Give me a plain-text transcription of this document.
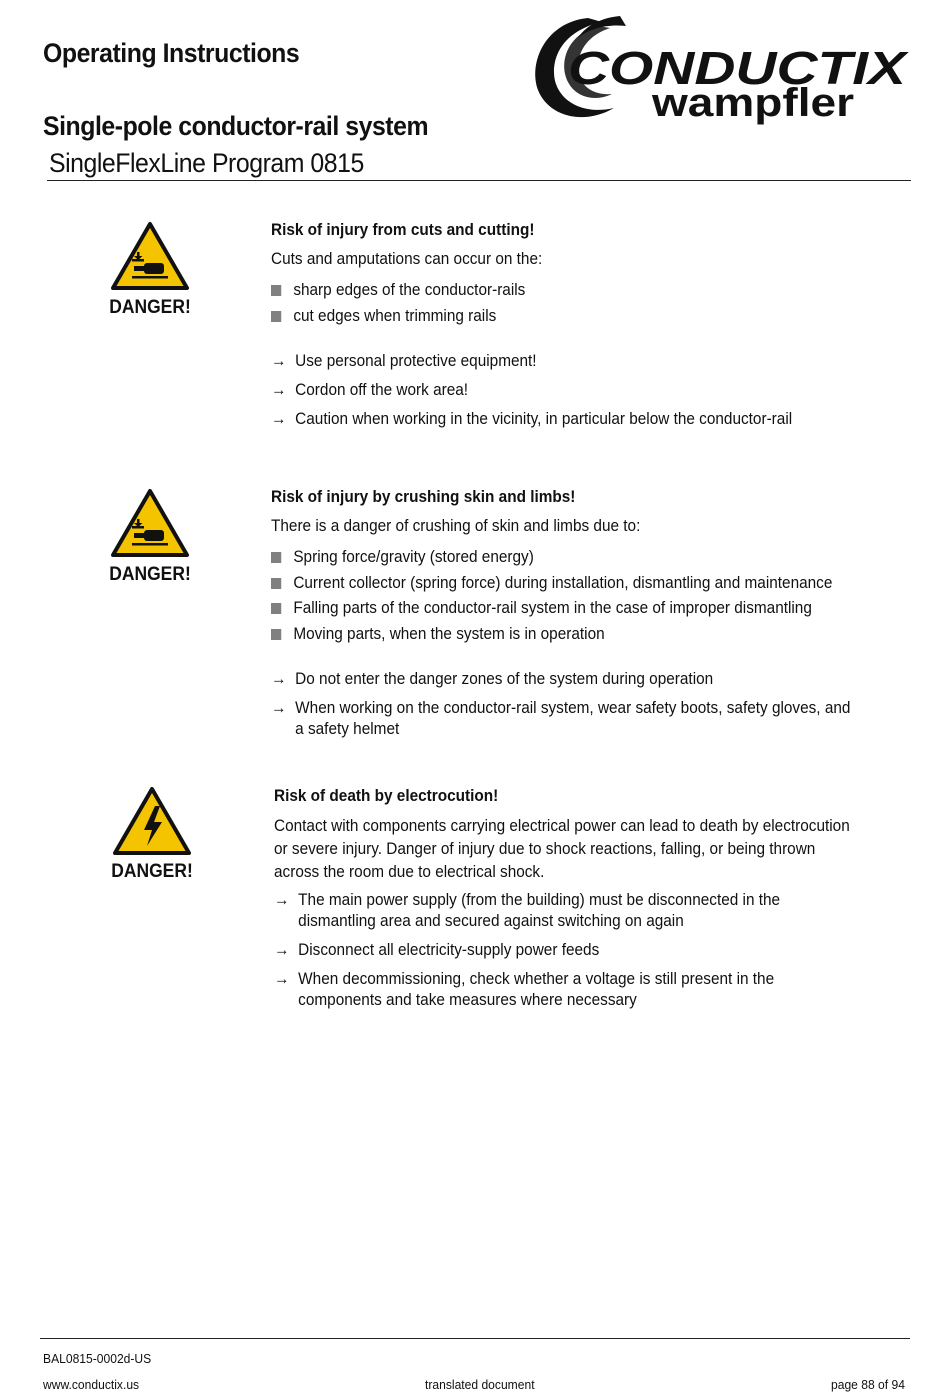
Operating Instructions
Single-pole conductor-rail system
SingleFlexLine Program 0815
CONDUCTIX
wampfler
DANGER!
Risk of injury from cuts and cutting!
Cuts and amputations can occur on the:
sharp edges of the conductor-rails
cut edges when trimming rails
→ Use personal protective equipment!
→ Cordon off the work area!
→ Caution when working in the vicinity, in particular below the conductor-rail
DANGER!
Risk of injury by crushing skin and limbs!
There is a danger of crushing of skin and limbs due to:
Spring force/gravity (stored energy)
Current collector (spring force) during installation, dismantling and maintenance
Falling parts of the conductor-rail system in the case of improper dismantling
Moving parts, when the system is in operation
→ Do not enter the danger zones of the system during operation
→ When working on the conductor-rail system, wear safety boots, safety gloves, and a safety helmet
DANGER!
Risk of death by electrocution!
Contact with components carrying electrical power can lead to death by electrocution or severe injury. Danger of injury due to shock reactions, falling, or being thrown across the room due to electrical shock.
→ The main power supply (from the building) must be disconnected in the dismantling area and secured against switching on again
→ Disconnect all electricity-supply power feeds
→ When decommissioning, check whether a voltage is still present in the components and take measures where necessary
BAL0815-0002d-US
www.conductix.us	translated document	page 88 of 94
